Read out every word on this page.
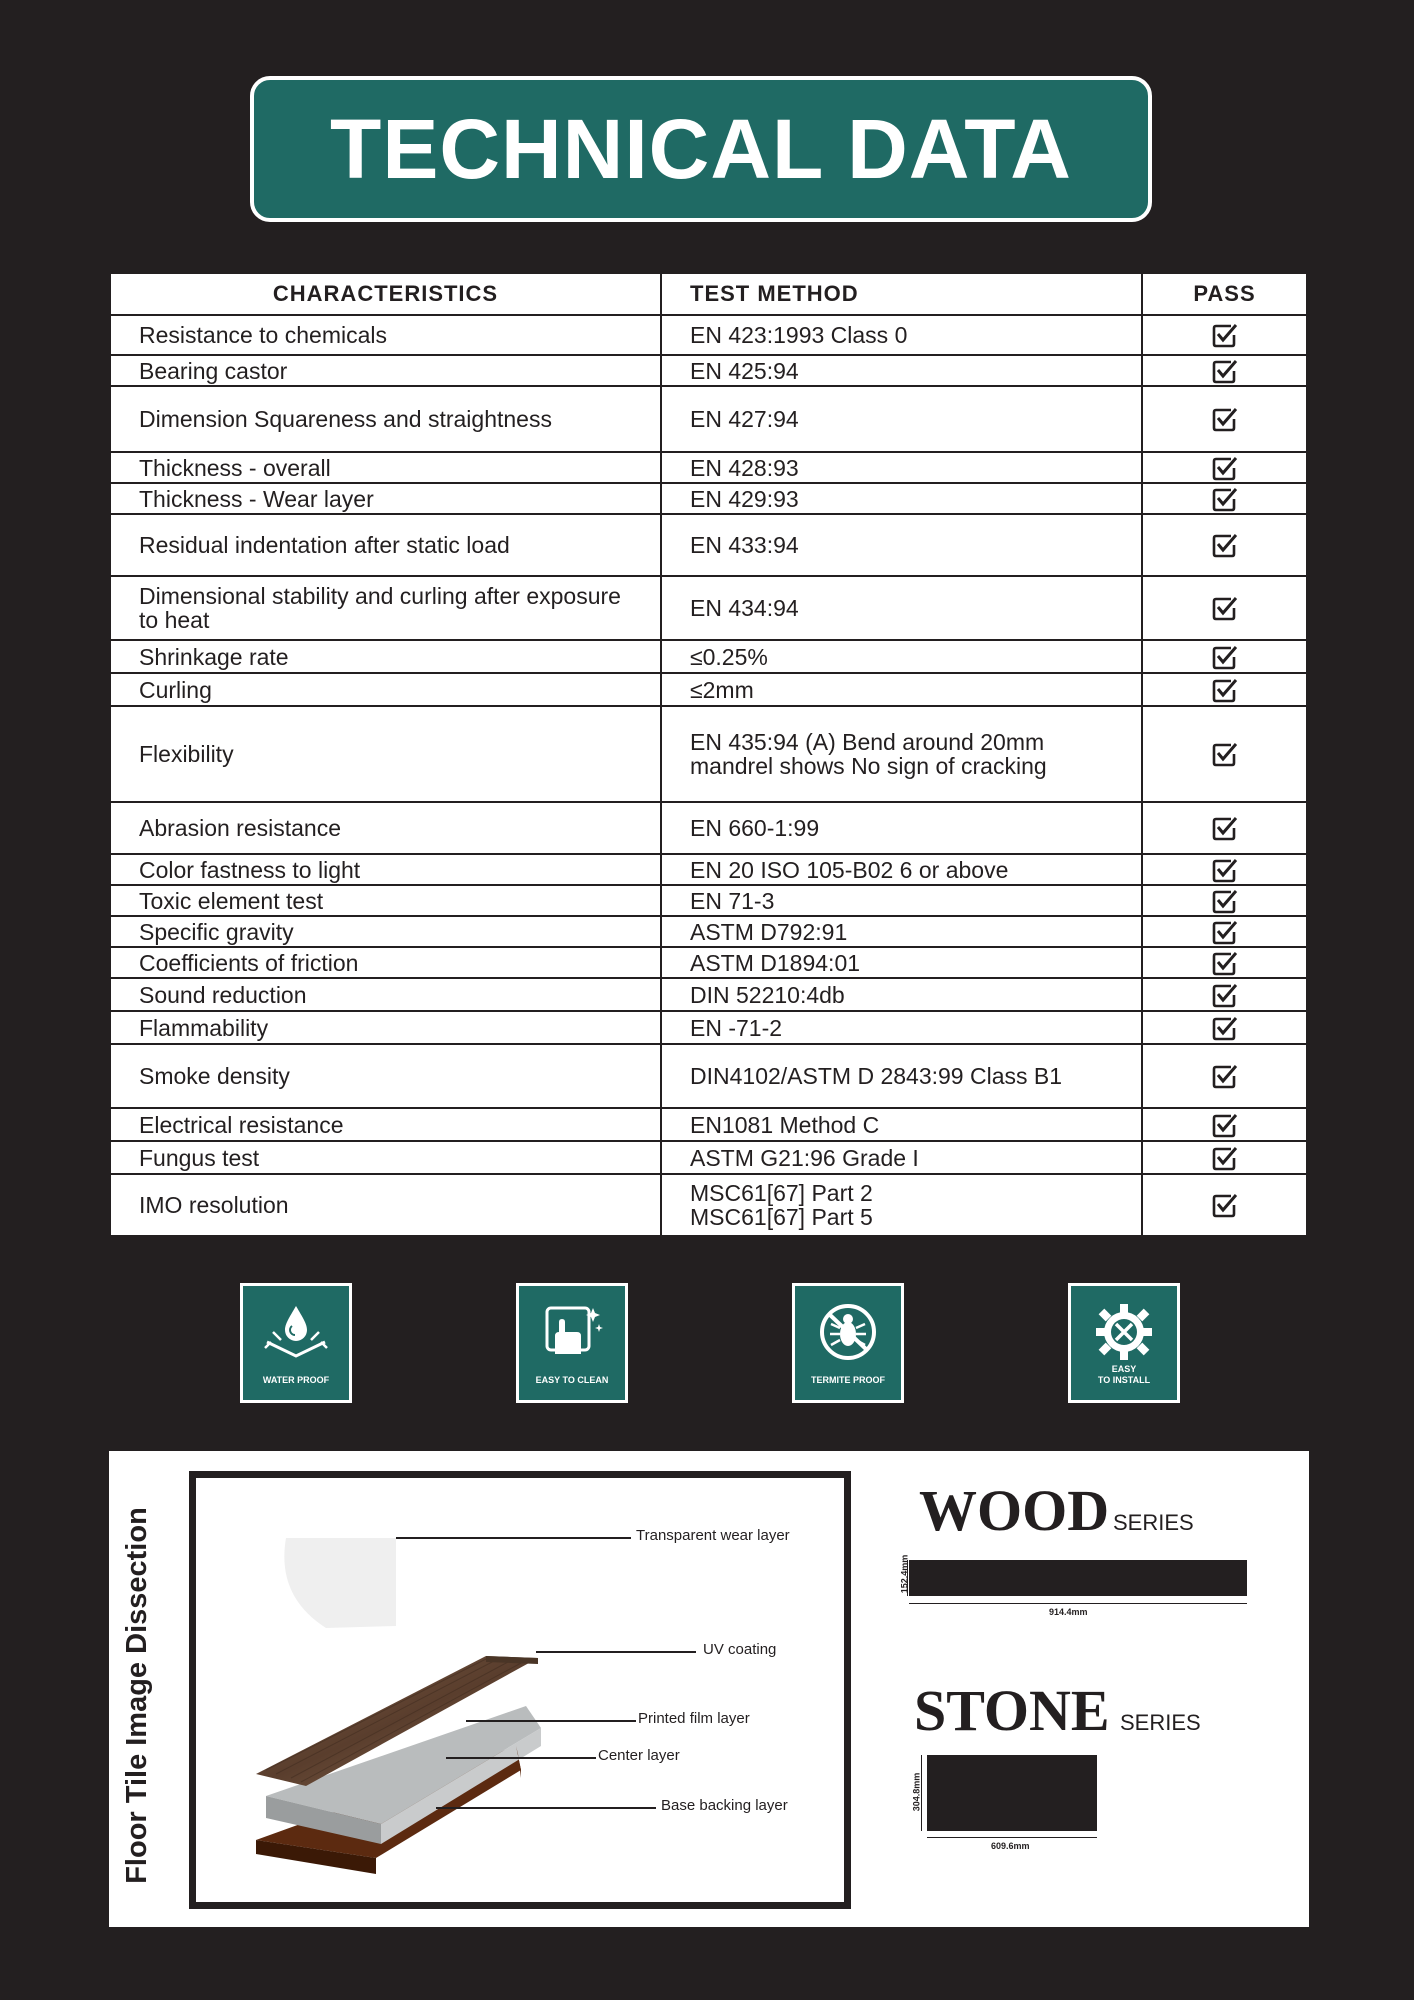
TECHNICAL DATA
CHARACTERISTICS	TEST METHOD	PASS
Resistance to chemicals	EN 423:1993 Class 0	
Bearing castor	EN 425:94	
Dimension Squareness and straightness	EN 427:94	
Thickness - overall	EN 428:93	
Thickness - Wear layer	EN 429:93	
Residual indentation after static load	EN 433:94	
Dimensional stability and curling after exposure to heat	EN 434:94	
Shrinkage rate	≤0.25%	
Curling	≤2mm	
Flexibility	EN 435:94 (A) Bend around 20mm mandrel shows No sign of cracking	
Abrasion resistance	EN 660-1:99	
Color fastness to light	EN 20 ISO 105-B02 6 or above	
Toxic element test	EN 71-3	
Specific gravity	ASTM D792:91	
Coefficients of friction	ASTM D1894:01	
Sound reduction	DIN 52210:4db	
Flammability	EN -71-2	
Smoke density	DIN4102/ASTM D 2843:99 Class B1	
Electrical resistance	EN1081 Method C	
Fungus test	ASTM G21:96 Grade I	
IMO resolution	MSC61[67] Part 2
MSC61[67] Part 5	
WATER PROOF	EASY TO CLEAN	TERMITE PROOF
EASY
TO INSTALL
Floor Tile Image Dissection	Transparent wear layer
UV coating
Printed film layer
Center layer
Base backing layer
WOOD SERIES
152.4mm
914.4mm
STONE SERIES
304.8mm
609.6mm
